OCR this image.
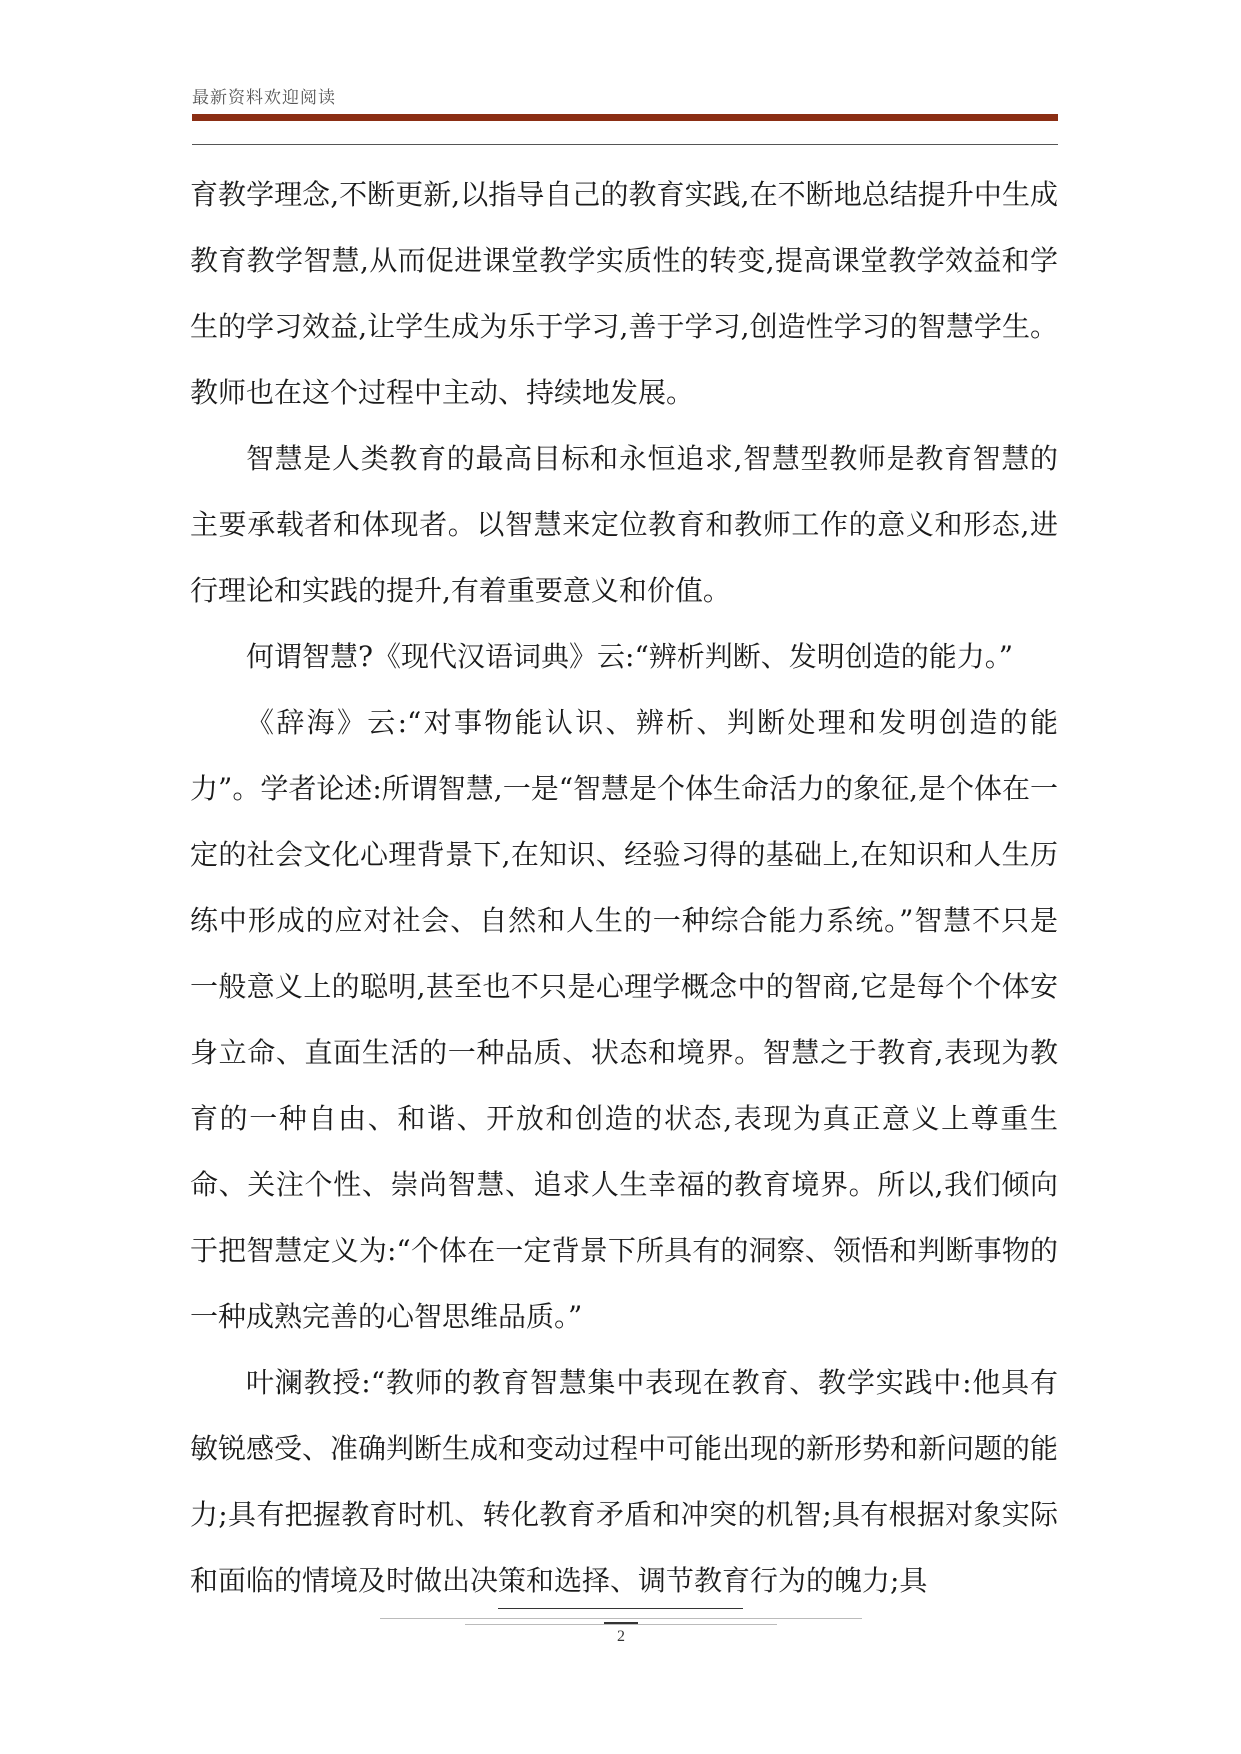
最新资料欢迎阅读

育教学理念,不断更新,以指导自己的教育实践,在不断地总结提升中生成教育教学智慧,从而促进课堂教学实质性的转变,提高课堂教学效益和学生的学习效益,让学生成为乐于学习,善于学习,创造性学习的智慧学生。教师也在这个过程中主动、持续地发展。

智慧是人类教育的最高目标和永恒追求,智慧型教师是教育智慧的主要承载者和体现者。以智慧来定位教育和教师工作的意义和形态,进行理论和实践的提升,有着重要意义和价值。

何谓智慧?《现代汉语词典》云:“辨析判断、发明创造的能力。”

《辞海》云:“对事物能认识、辨析、判断处理和发明创造的能力”。学者论述:所谓智慧,一是“智慧是个体生命活力的象征,是个体在一定的社会文化心理背景下,在知识、经验习得的基础上,在知识和人生历练中形成的应对社会、自然和人生的一种综合能力系统。”智慧不只是一般意义上的聪明,甚至也不只是心理学概念中的智商,它是每个个体安身立命、直面生活的一种品质、状态和境界。智慧之于教育,表现为教育的一种自由、和谐、开放和创造的状态,表现为真正意义上尊重生命、关注个性、崇尚智慧、追求人生幸福的教育境界。所以,我们倾向于把智慧定义为:“个体在一定背景下所具有的洞察、领悟和判断事物的一种成熟完善的心智思维品质。”

叶澜教授:“教师的教育智慧集中表现在教育、教学实践中:他具有敏锐感受、准确判断生成和变动过程中可能出现的新形势和新问题的能力;具有把握教育时机、转化教育矛盾和冲突的机智;具有根据对象实际和面临的情境及时做出决策和选择、调节教育行为的魄力;具

2
